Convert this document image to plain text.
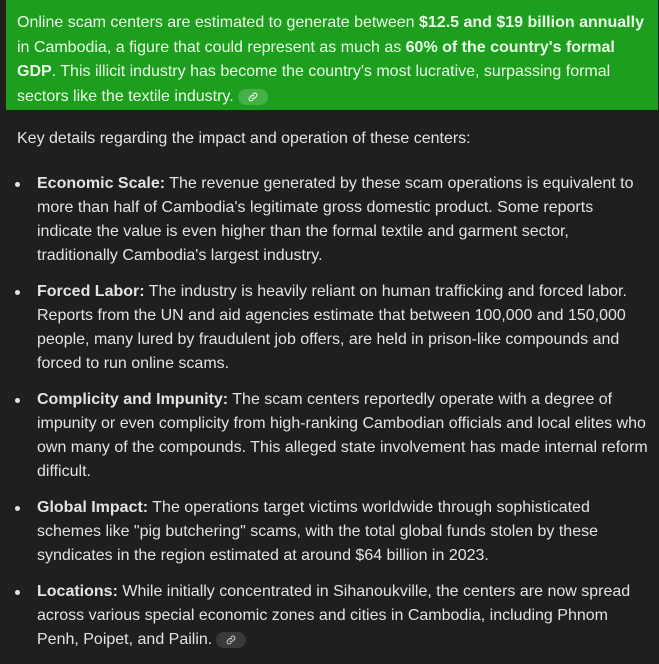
Online scam centers are estimated to generate between $12.5 and $19 billion annually in Cambodia, a figure that could represent as much as 60% of the country's formal GDP. This illicit industry has become the country's most lucrative, surpassing formal sectors like the textile industry.
Key details regarding the impact and operation of these centers:
Economic Scale: The revenue generated by these scam operations is equivalent to more than half of Cambodia's legitimate gross domestic product. Some reports indicate the value is even higher than the formal textile and garment sector, traditionally Cambodia's largest industry.
Forced Labor: The industry is heavily reliant on human trafficking and forced labor. Reports from the UN and aid agencies estimate that between 100,000 and 150,000 people, many lured by fraudulent job offers, are held in prison-like compounds and forced to run online scams.
Complicity and Impunity: The scam centers reportedly operate with a degree of impunity or even complicity from high-ranking Cambodian officials and local elites who own many of the compounds. This alleged state involvement has made internal reform difficult.
Global Impact: The operations target victims worldwide through sophisticated schemes like "pig butchering" scams, with the total global funds stolen by these syndicates in the region estimated at around $64 billion in 2023.
Locations: While initially concentrated in Sihanoukville, the centers are now spread across various special economic zones and cities in Cambodia, including Phnom Penh, Poipet, and Pailin.
